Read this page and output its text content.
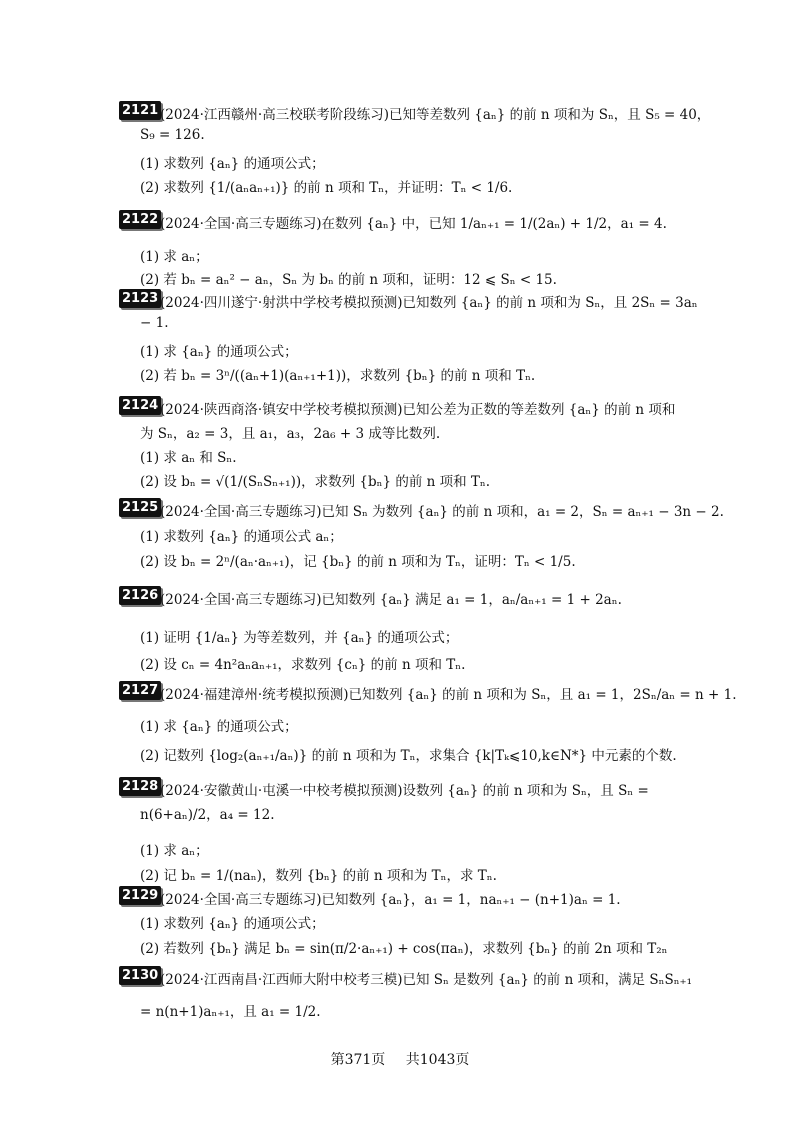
2121 (2024·江西赣州·高三校联考阶段练习)已知等差数列 {aₙ} 的前 n 项和为 Sₙ，且 S₅ = 40，
S₉ = 126.
(1) 求数列 {aₙ} 的通项公式；
(2) 求数列 {1/(aₙaₙ₊₁)} 的前 n 项和 Tₙ，并证明：Tₙ < 1/6.
2122 (2024·全国·高三专题练习)在数列 {aₙ} 中，已知 1/aₙ₊₁ = 1/(2aₙ) + 1/2，a₁ = 4.
(1) 求 aₙ；
(2) 若 bₙ = aₙ² − aₙ，Sₙ 为 bₙ 的前 n 项和，证明：12 ⩽ Sₙ < 15.
2123 (2024·四川遂宁·射洪中学校考模拟预测)已知数列 {aₙ} 的前 n 项和为 Sₙ，且 2Sₙ = 3aₙ
− 1.
(1) 求 {aₙ} 的通项公式；
(2) 若 bₙ = 3ⁿ/((aₙ+1)(aₙ₊₁+1))，求数列 {bₙ} 的前 n 项和 Tₙ.
2124 (2024·陕西商洛·镇安中学校考模拟预测)已知公差为正数的等差数列 {aₙ} 的前 n 项和
为 Sₙ，a₂ = 3，且 a₁，a₃，2a₆ + 3 成等比数列.
(1) 求 aₙ 和 Sₙ.
(2) 设 bₙ = √(1/(SₙSₙ₊₁))，求数列 {bₙ} 的前 n 项和 Tₙ.
2125 (2024·全国·高三专题练习)已知 Sₙ 为数列 {aₙ} 的前 n 项和，a₁ = 2，Sₙ = aₙ₊₁ − 3n − 2.
(1) 求数列 {aₙ} 的通项公式 aₙ；
(2) 设 bₙ = 2ⁿ/(aₙ·aₙ₊₁)，记 {bₙ} 的前 n 项和为 Tₙ，证明：Tₙ < 1/5.
2126 (2024·全国·高三专题练习)已知数列 {aₙ} 满足 a₁ = 1，aₙ/aₙ₊₁ = 1 + 2aₙ.
(1) 证明 {1/aₙ} 为等差数列，并 {aₙ} 的通项公式；
(2) 设 cₙ = 4n²aₙaₙ₊₁，求数列 {cₙ} 的前 n 项和 Tₙ.
2127 (2024·福建漳州·统考模拟预测)已知数列 {aₙ} 的前 n 项和为 Sₙ，且 a₁ = 1，2Sₙ/aₙ = n + 1.
(1) 求 {aₙ} 的通项公式；
(2) 记数列 {log₂(aₙ₊₁/aₙ)} 的前 n 项和为 Tₙ，求集合 {k|Tₖ⩽10,k∈N*} 中元素的个数.
2128 (2024·安徽黄山·屯溪一中校考模拟预测)设数列 {aₙ} 的前 n 项和为 Sₙ，且 Sₙ =
n(6+aₙ)/2，a₄ = 12.
(1) 求 aₙ；
(2) 记 bₙ = 1/(naₙ)，数列 {bₙ} 的前 n 项和为 Tₙ，求 Tₙ.
2129 (2024·全国·高三专题练习)已知数列 {aₙ}，a₁ = 1，naₙ₊₁ − (n+1)aₙ = 1.
(1) 求数列 {aₙ} 的通项公式；
(2) 若数列 {bₙ} 满足 bₙ = sin(π/2·aₙ₊₁) + cos(πaₙ)，求数列 {bₙ} 的前 2n 项和 T₂ₙ
2130 (2024·江西南昌·江西师大附中校考三模)已知 Sₙ 是数列 {aₙ} 的前 n 项和，满足 SₙSₙ₊₁
= n(n+1)aₙ₊₁，且 a₁ = 1/2.
第371页 共1043页
